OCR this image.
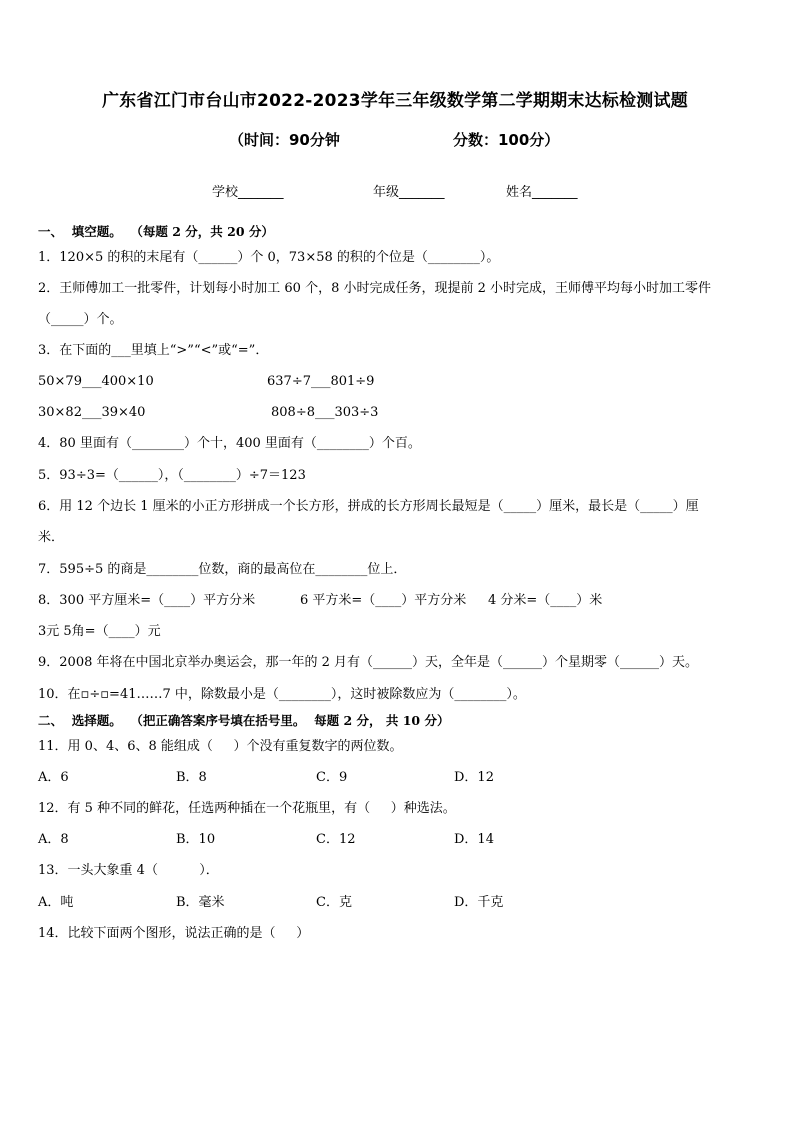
广东省江门市台山市2022-2023学年三年级数学第二学期期末达标检测试题
（时间：90分钟	分数：100分）
学校_______	年级_______	姓名_______
一、  填空题。  （每题 2 分，共 20 分）
1．120×5 的积的末尾有（______）个 0，73×58 的积的个位是（________）。
2．王师傅加工一批零件，计划每小时加工 60 个，8 小时完成任务，现提前 2 小时完成，王师傅平均每小时加工零件
（_____）个。
3．在下面的___里填上“>”“<”或“=”．
50×79___400×10	637÷7___801÷9
30×82___39×40	808÷8___303÷3
4．80 里面有（________）个十，400 里面有（________）个百。
5．93÷3=（______），（________）÷7＝123
6．用 12 个边长 1 厘米的小正方形拼成一个长方形，拼成的长方形周长最短是（_____）厘米，最长是（_____）厘
米．
7．595÷5 的商是________位数，商的最高位在________位上．
8．300 平方厘米=（____）平方分米	6 平方米=（____）平方分米 4 分米=（____）米
3元 5角=（____）元
9．2008 年将在中国北京举办奥运会，那一年的 2 月有（______）天，全年是（______）个星期零（______）天。
10．在▫÷▫=41……7 中，除数最小是（________），这时被除数应为（________）。
二、  选择题。  （把正确答案序号填在括号里。  每题 2 分， 共 10 分）
11．用 0、4、6、8 能组成（     ）个没有重复数字的两位数。
A．6	B．8	C．9	D．12
12．有 5 种不同的鲜花，任选两种插在一个花瓶里，有（     ）种选法。
A．8	B．10	C．12	D．14
13．一头大象重 4（          ）．
A．吨	B．毫米	C．克	D．千克
14．比较下面两个图形，说法正确的是（     ）
